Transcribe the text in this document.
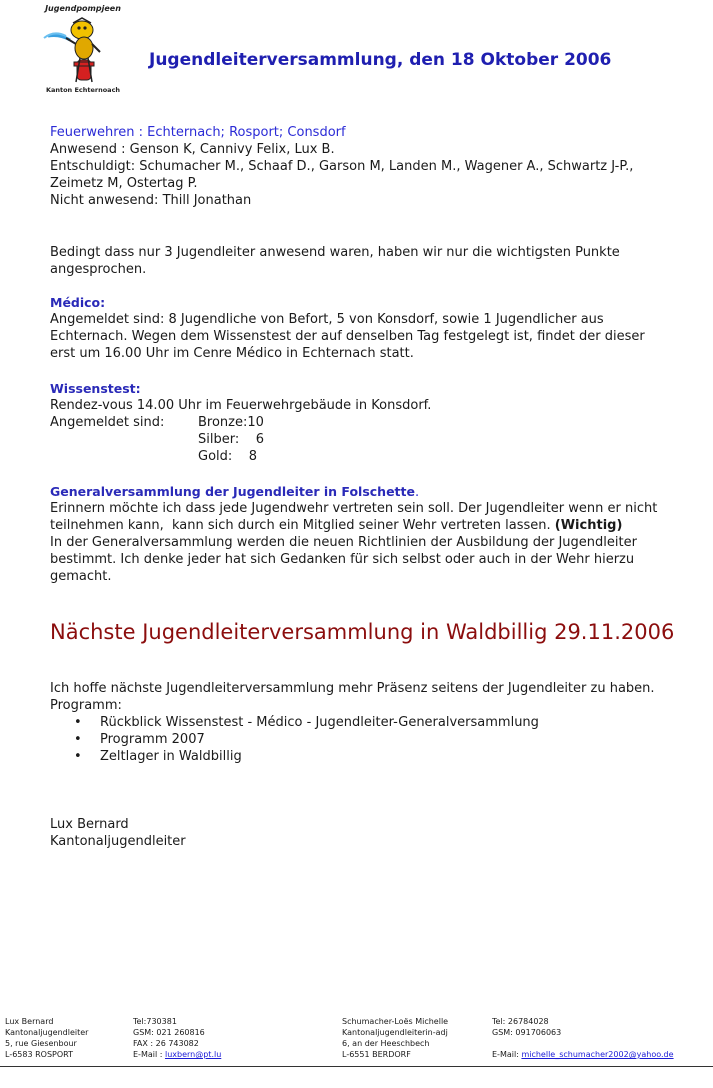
Jugendpompjeen
Kanton Echternoach
Jugendleiterversammlung, den 18 Oktober 2006
Feuerwehren : Echternach; Rosport; Consdorf
Anwesend : Genson K, Cannivy Felix, Lux B.
Entschuldigt: Schumacher M., Schaaf D., Garson M, Landen M., Wagener A., Schwartz J-P.,
Zeimetz M, Ostertag P.
Nicht anwesend: Thill Jonathan
Bedingt dass nur 3 Jugendleiter anwesend waren, haben wir nur die wichtigsten Punkte
angesprochen.
Médico:
Angemeldet sind: 8 Jugendliche von Befort, 5 von Konsdorf, sowie 1 Jugendlicher aus
Echternach. Wegen dem Wissenstest der auf denselben Tag festgelegt ist, findet der dieser
erst um 16.00 Uhr im Cenre Médico in Echternach statt.
Wissenstest:
Rendez-vous 14.00 Uhr im Feuerwehrgebäude in Konsdorf.
Angemeldet sind:	Bronze:10
Silber:    6
Gold:    8
Generalversammlung der Jugendleiter in Folschette.
Erinnern möchte ich dass jede Jugendwehr vertreten sein soll. Der Jugendleiter wenn er nicht
teilnehmen kann,  kann sich durch ein Mitglied seiner Wehr vertreten lassen. (Wichtig)
In der Generalversammlung werden die neuen Richtlinien der Ausbildung der Jugendleiter
bestimmt. Ich denke jeder hat sich Gedanken für sich selbst oder auch in der Wehr hierzu
gemacht.
Nächste Jugendleiterversammlung in Waldbillig 29.11.2006
Ich hoffe nächste Jugendleiterversammlung mehr Präsenz seitens der Jugendleiter zu haben.
Programm:
• Rückblick Wissenstest - Médico - Jugendleiter-Generalversammlung
• Programm 2007
• Zeltlager in Waldbillig
Lux Bernard
Kantonaljugendleiter
Lux Bernard
Kantonaljugendleiter
5, rue Giesenbour
L-6583 ROSPORT
Tel:730381
GSM: 021 260816
FAX : 26 743082
E-Mail : luxbern@pt.lu
Schumacher-Loës Michelle
Kantonaljugendleiterin-adj
6, an der Heeschbech
L-6551 BERDORF
Tel: 26784028
GSM: 091706063

E-Mail: michelle_schumacher2002@yahoo.de
